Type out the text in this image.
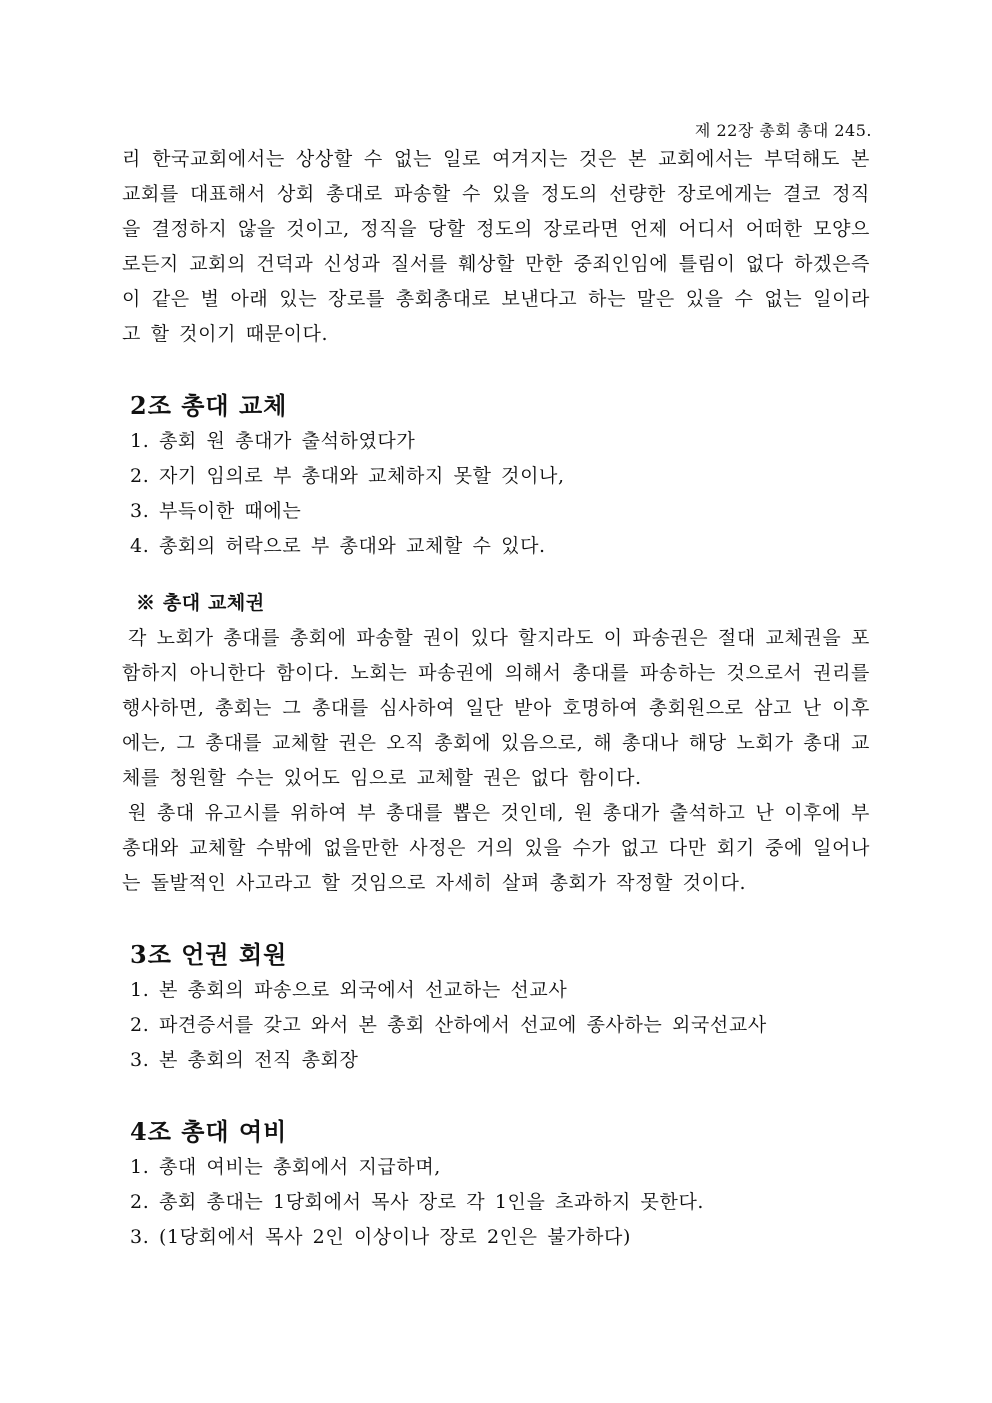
제 22장 총회 총대 245.

리 한국교회에서는 상상할 수 없는 일로 여겨지는 것은 본 교회에서는 부덕해도 본 교회를 대표해서 상회 총대로 파송할 수 있을 정도의 선량한 장로에게는 결코 정직을 결정하지 않을 것이고, 정직을 당할 정도의 장로라면 언제 어디서 어떠한 모양으로든지 교회의 건덕과 신성과 질서를 훼상할 만한 중죄인임에 틀림이 없다 하겠은즉 이 같은 벌 아래 있는 장로를 총회총대로 보낸다고 하는 말은 있을 수 없는 일이라고 할 것이기 때문이다.

2조 총대 교체
1. 총회 원 총대가 출석하였다가
2. 자기 임의로 부 총대와 교체하지 못할 것이나,
3. 부득이한 때에는
4. 총회의 허락으로 부 총대와 교체할 수 있다.
※ 총대 교체권

각 노회가 총대를 총회에 파송할 권이 있다 할지라도 이 파송권은 절대 교체권을 포함하지 아니한다 함이다. 노회는 파송권에 의해서 총대를 파송하는 것으로서 권리를 행사하면, 총회는 그 총대를 심사하여 일단 받아 호명하여 총회원으로 삼고 난 이후에는, 그 총대를 교체할 권은 오직 총회에 있음으로, 해 총대나 해당 노회가 총대 교체를 청원할 수는 있어도 임으로 교체할 권은 없다 함이다.

원 총대 유고시를 위하여 부 총대를 뽑은 것인데, 원 총대가 출석하고 난 이후에 부 총대와 교체할 수밖에 없을만한 사정은 거의 있을 수가 없고 다만 회기 중에 일어나는 돌발적인 사고라고 할 것임으로 자세히 살펴 총회가 작정할 것이다.

3조 언권 회원
1. 본 총회의 파송으로 외국에서 선교하는 선교사
2. 파견증서를 갖고 와서 본 총회 산하에서 선교에 종사하는 외국선교사
3. 본 총회의 전직 총회장
4조 총대 여비
1. 총대 여비는 총회에서 지급하며,
2. 총회 총대는 1당회에서 목사 장로 각 1인을 초과하지 못한다.
3. (1당회에서 목사 2인 이상이나 장로 2인은 불가하다)
